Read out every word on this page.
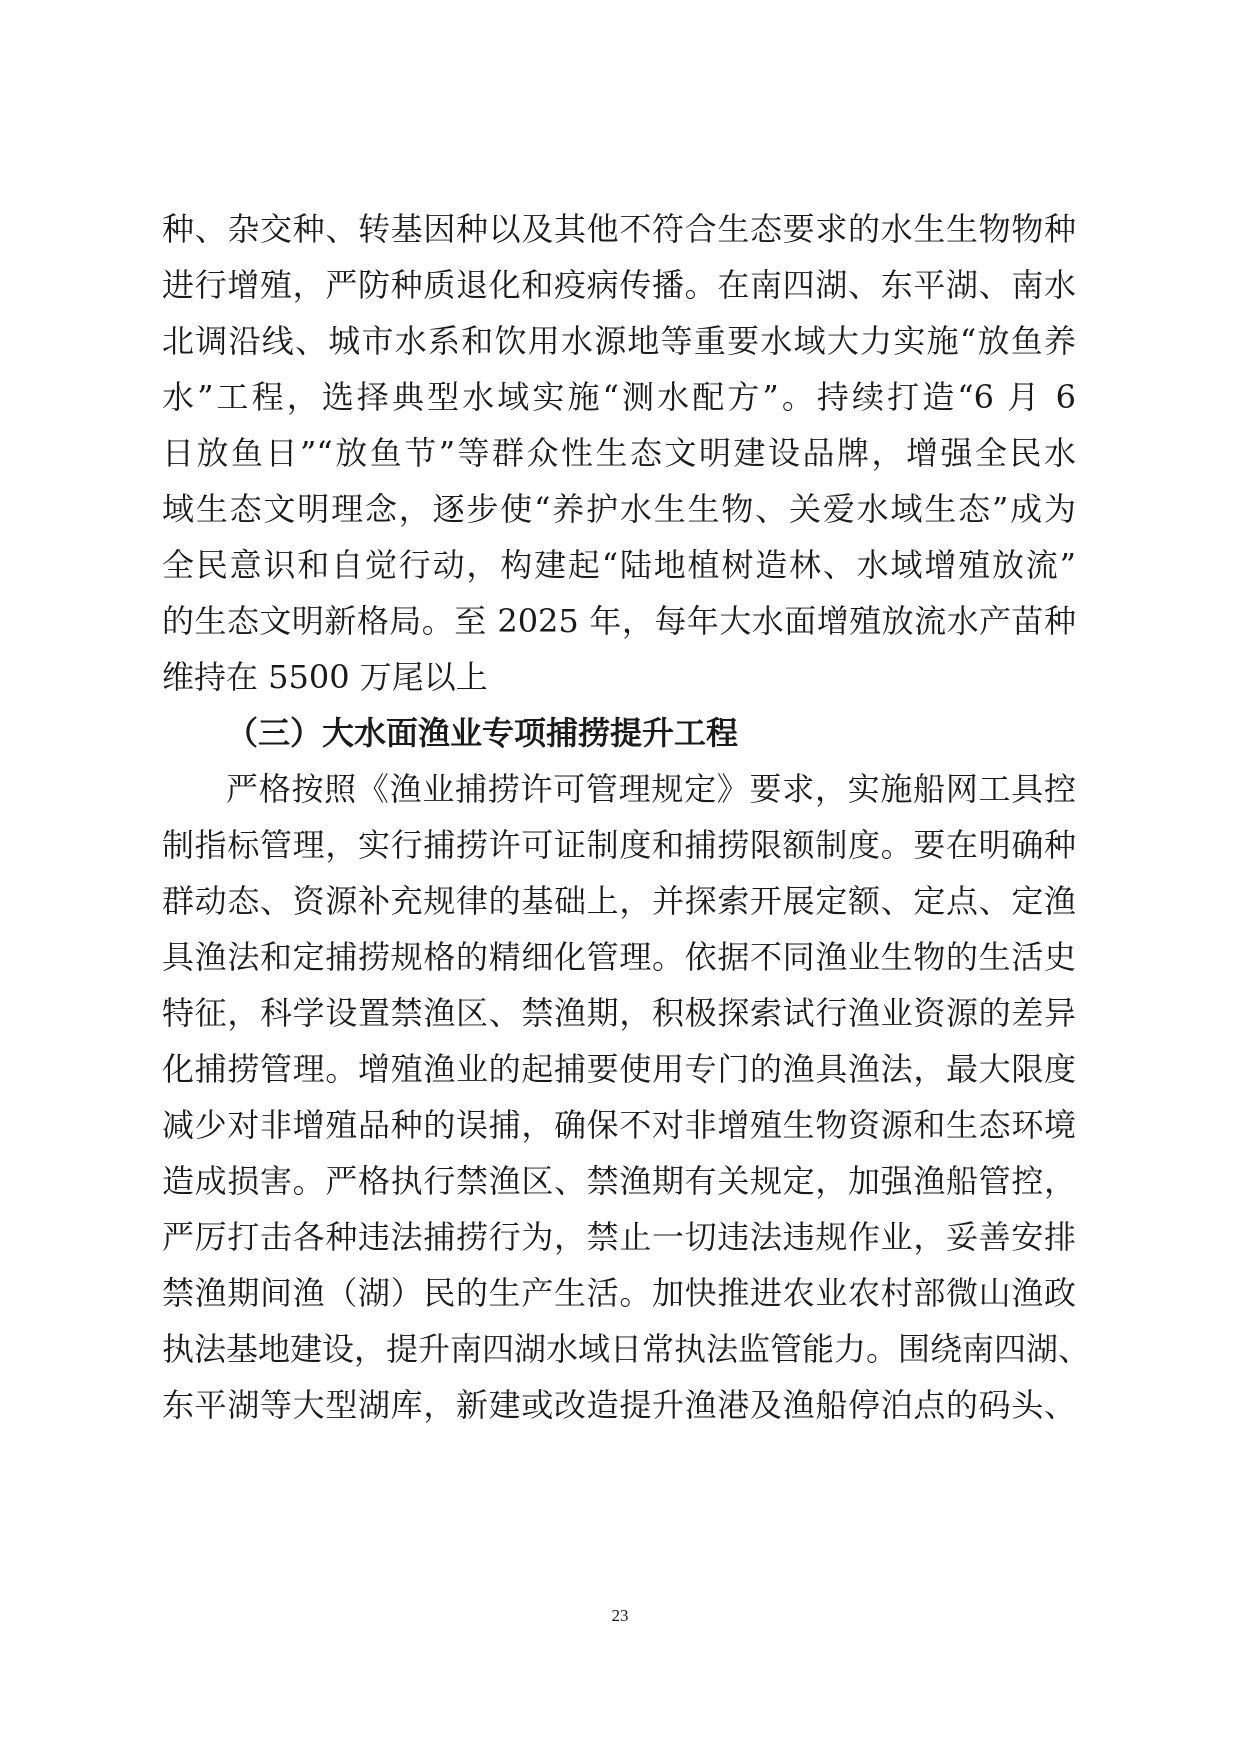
种、杂交种、转基因种以及其他不符合生态要求的水生生物物种
进行增殖，严防种质退化和疫病传播。在南四湖、东平湖、南水
北调沿线、城市水系和饮用水源地等重要水域大力实施“放鱼养
水”工程，选择典型水域实施“测水配方”。持续打造“6 月 6
日放鱼日”“放鱼节”等群众性生态文明建设品牌，增强全民水
域生态文明理念，逐步使“养护水生生物、关爱水域生态”成为
全民意识和自觉行动，构建起“陆地植树造林、水域增殖放流”
的生态文明新格局。至 2025 年，每年大水面增殖放流水产苗种
维持在 5500 万尾以上
（三）大水面渔业专项捕捞提升工程
严格按照《渔业捕捞许可管理规定》要求，实施船网工具控
制指标管理，实行捕捞许可证制度和捕捞限额制度。要在明确种
群动态、资源补充规律的基础上，并探索开展定额、定点、定渔
具渔法和定捕捞规格的精细化管理。依据不同渔业生物的生活史
特征，科学设置禁渔区、禁渔期，积极探索试行渔业资源的差异
化捕捞管理。增殖渔业的起捕要使用专门的渔具渔法，最大限度
减少对非增殖品种的误捕，确保不对非增殖生物资源和生态环境
造成损害。严格执行禁渔区、禁渔期有关规定，加强渔船管控，
严厉打击各种违法捕捞行为，禁止一切违法违规作业，妥善安排
禁渔期间渔（湖）民的生产生活。加快推进农业农村部微山渔政
执法基地建设，提升南四湖水域日常执法监管能力。围绕南四湖、
东平湖等大型湖库，新建或改造提升渔港及渔船停泊点的码头、
23
